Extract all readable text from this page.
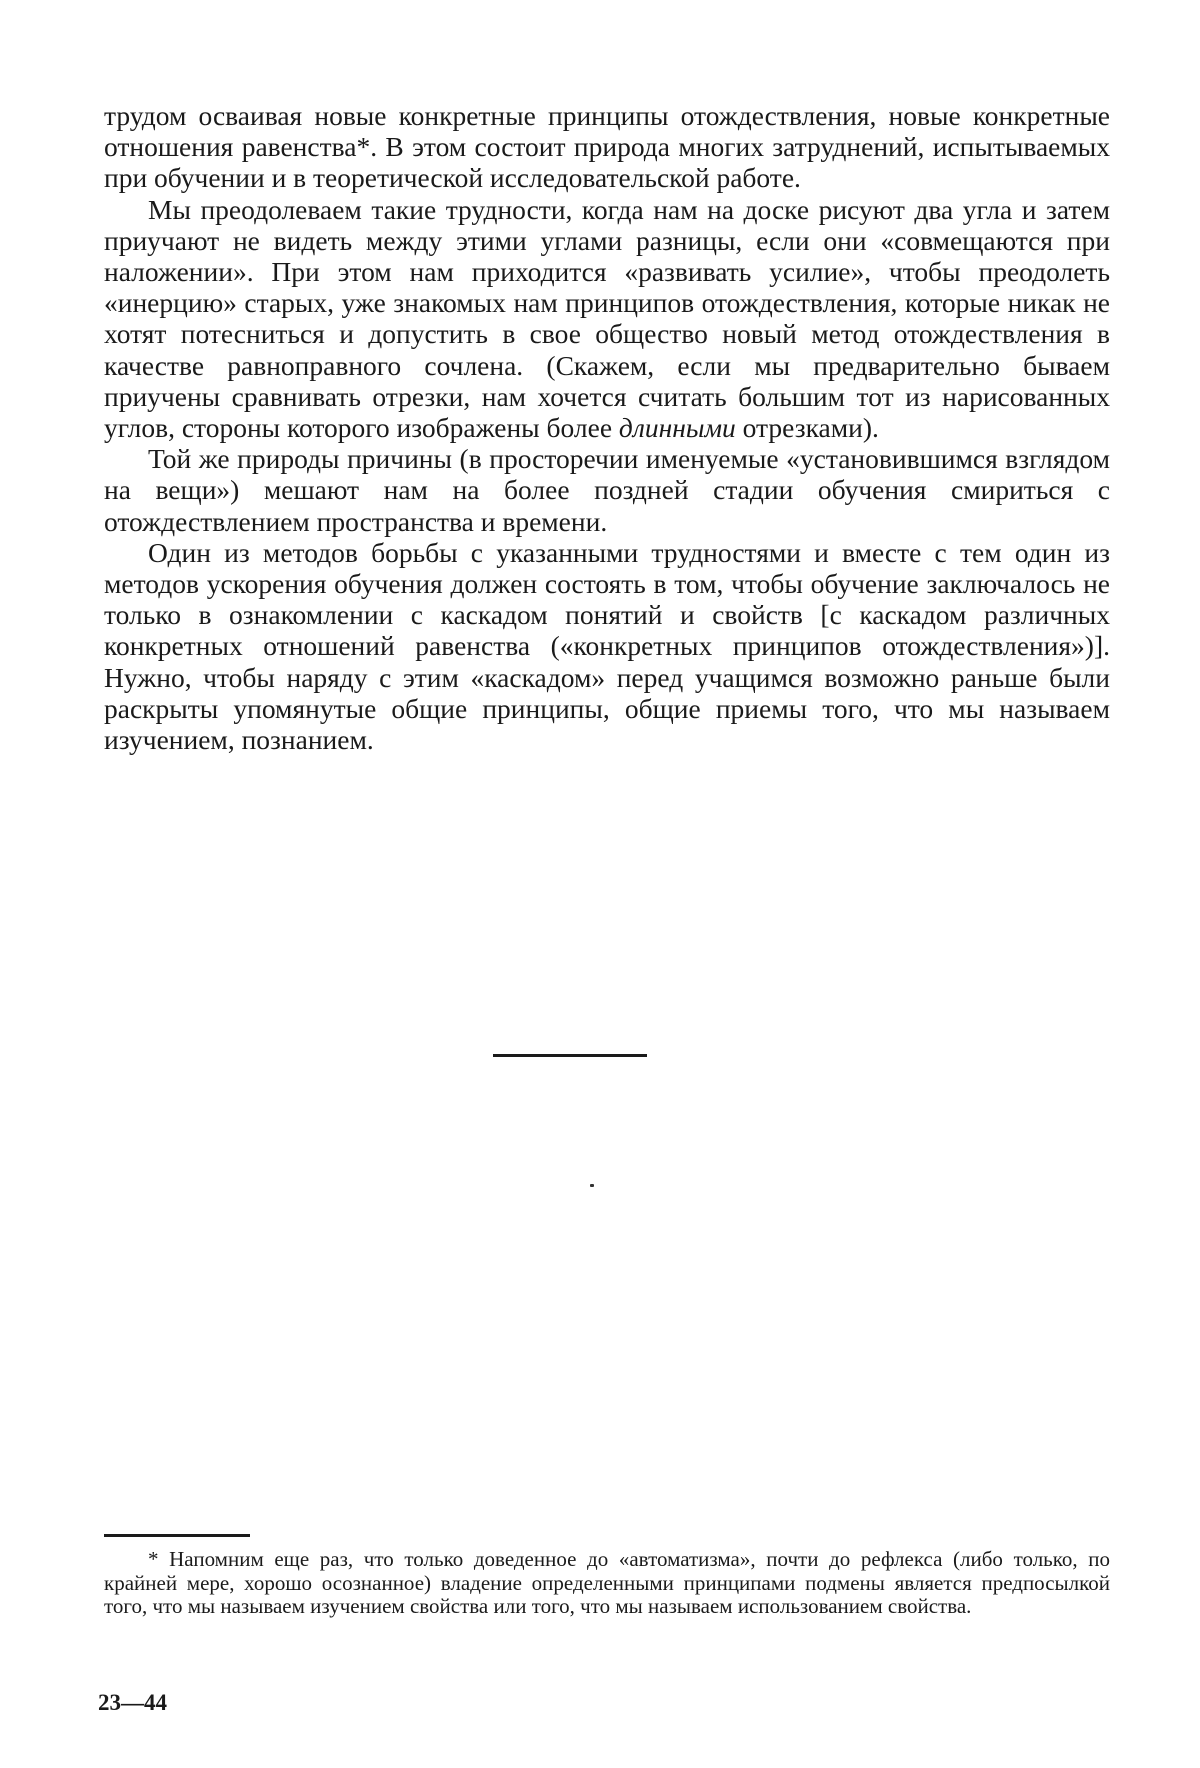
трудом осваивая новые конкретные принципы отождествления, новые конкретные отношения равенства*. В этом состоит природа многих затруднений, испытываемых при обучении и в теоретической исследовательской работе.

Мы преодолеваем такие трудности, когда нам на доске рисуют два угла и затем приучают не видеть между этими углами разницы, если они «совмещаются при наложении». При этом нам приходится «развивать усилие», чтобы преодолеть «инерцию» старых, уже знакомых нам принципов отождествления, которые никак не хотят потесниться и допустить в свое общество новый метод отождествления в качестве равноправного сочлена. (Скажем, если мы предварительно бываем приучены сравнивать отрезки, нам хочется считать большим тот из нарисованных углов, стороны которого изображены более длинными отрезками).

Той же природы причины (в просторечии именуемые «установившимся взглядом на вещи») мешают нам на более поздней стадии обучения смириться с отождествлением пространства и времени.

Один из методов борьбы с указанными трудностями и вместе с тем один из методов ускорения обучения должен состоять в том, чтобы обучение заключалось не только в ознакомлении с каскадом понятий и свойств [с каскадом различных конкретных отношений равенства («конкретных принципов отождествления»)]. Нужно, чтобы наряду с этим «каскадом» перед учащимся возможно раньше были раскрыты упомянутые общие принципы, общие приемы того, что мы называем изучением, познанием.

* Напомним еще раз, что только доведенное до «автоматизма», почти до рефлекса (либо только, по крайней мере, хорошо осознанное) владение определенными принципами подмены является предпосылкой того, что мы называем изучением свойства или того, что мы называем использованием свойства.

23—44
